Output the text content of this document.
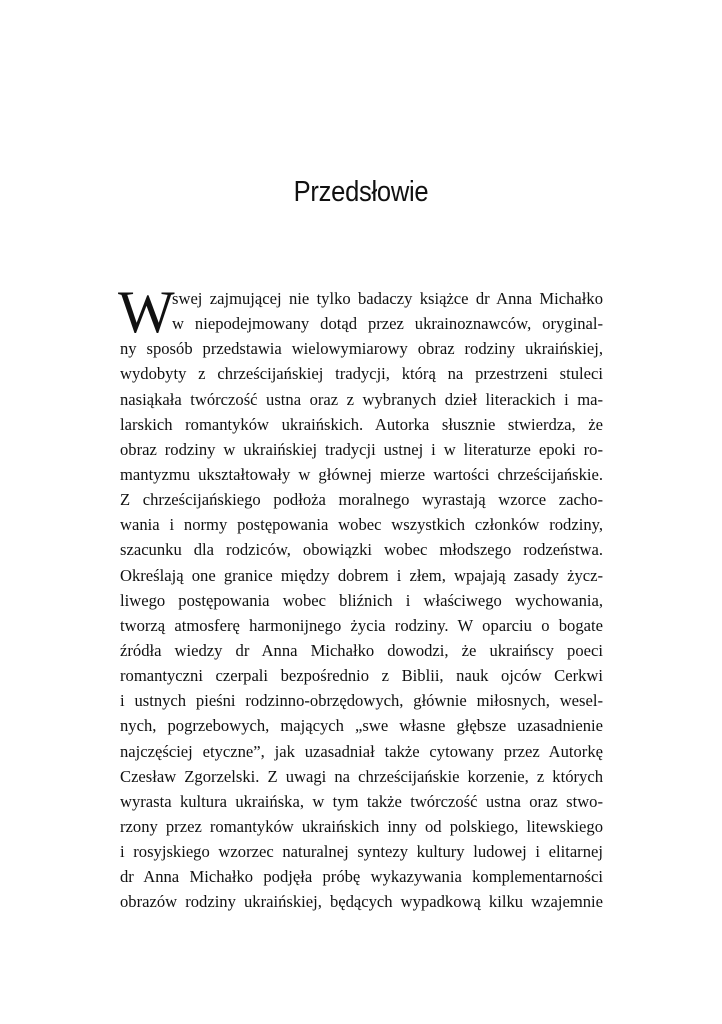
Przedsłowie
W
swej zajmującej nie tylko badaczy książce dr Anna Michałko
w niepodejmowany dotąd przez ukrainoznawców, oryginal-
ny sposób przedstawia wielowymiarowy obraz rodziny ukraińskiej,
wydobyty z chrześcijańskiej tradycji, którą na przestrzeni stuleci
nasiąkała twórczość ustna oraz z wybranych dzieł literackich i ma-
larskich romantyków ukraińskich. Autorka słusznie stwierdza, że
obraz rodziny w ukraińskiej tradycji ustnej i w literaturze epoki ro-
mantyzmu ukształtowały w głównej mierze wartości chrześcijańskie.
Z chrześcijańskiego podłoża moralnego wyrastają wzorce zacho-
wania i normy postępowania wobec wszystkich członków rodziny,
szacunku dla rodziców, obowiązki wobec młodszego rodzeństwa.
Określają one granice między dobrem i złem, wpajają zasady życz-
liwego postępowania wobec bliźnich i właściwego wychowania,
tworzą atmosferę harmonijnego życia rodziny. W oparciu o bogate
źródła wiedzy dr Anna Michałko dowodzi, że ukraińscy poeci
romantyczni czerpali bezpośrednio z Biblii, nauk ojców Cerkwi
i ustnych pieśni rodzinno-obrzędowych, głównie miłosnych, wesel-
nych, pogrzebowych, mających „swe własne głębsze uzasadnienie
najczęściej etyczne”, jak uzasadniał także cytowany przez Autorkę
Czesław Zgorzelski. Z uwagi na chrześcijańskie korzenie, z których
wyrasta kultura ukraińska, w tym także twórczość ustna oraz stwo-
rzony przez romantyków ukraińskich inny od polskiego, litewskiego
i rosyjskiego wzorzec naturalnej syntezy kultury ludowej i elitarnej
dr Anna Michałko podjęła próbę wykazywania komplementarności
obrazów rodziny ukraińskiej, będących wypadkową kilku wzajemnie
